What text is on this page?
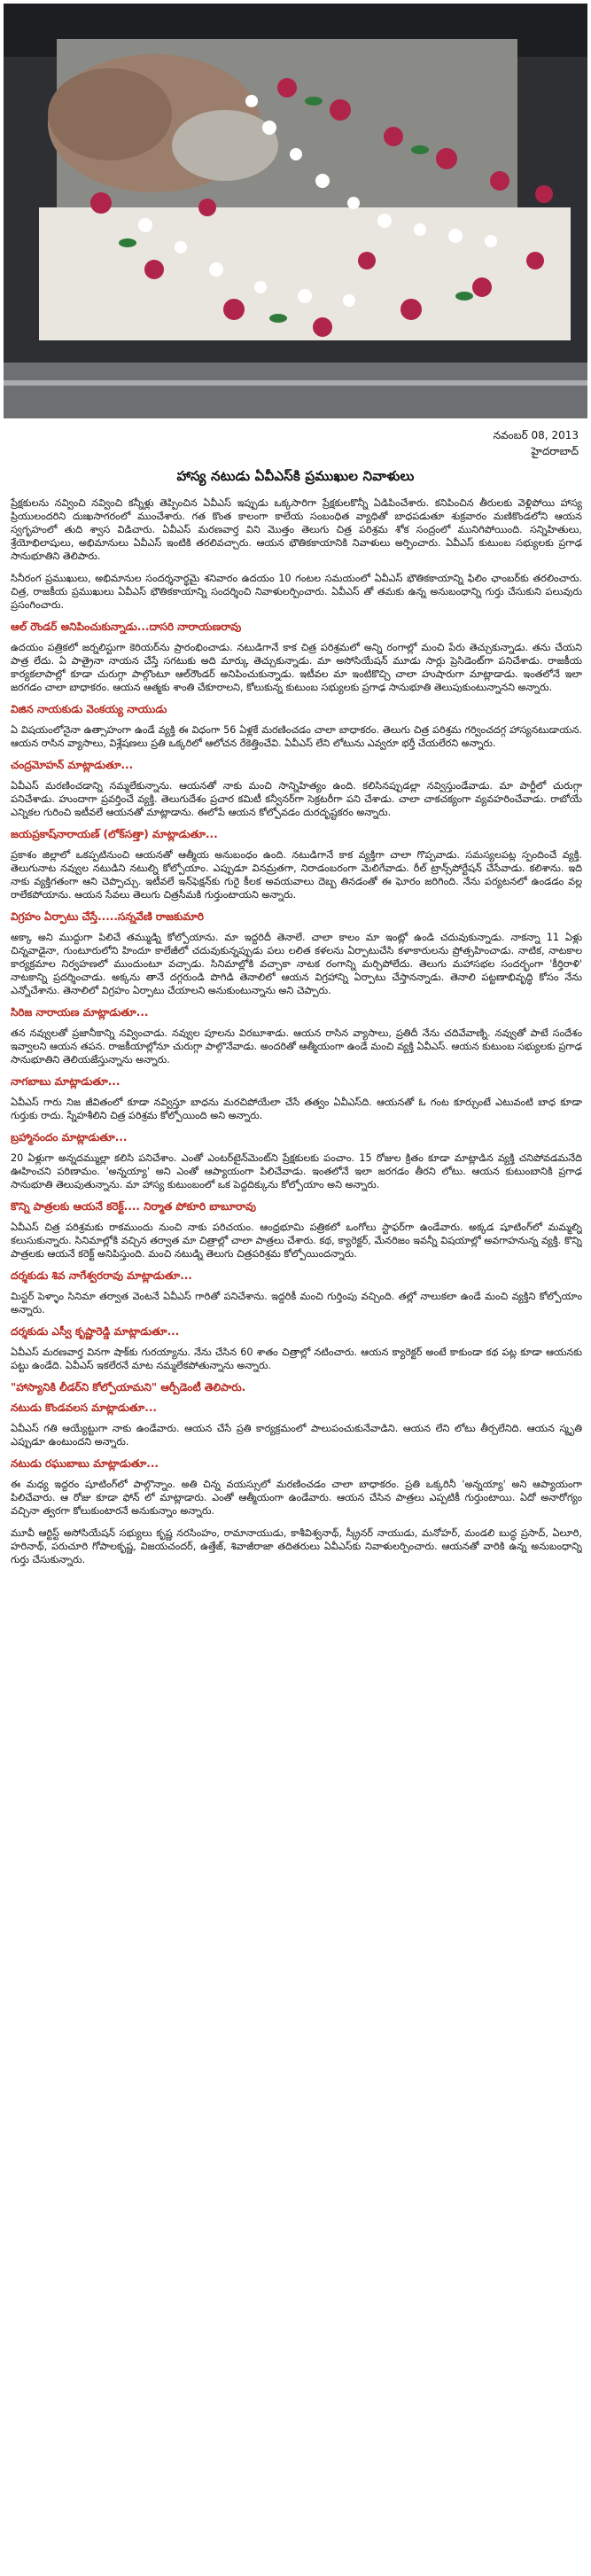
నవంబర్ 08, 2013
హైదరాబాద్
హాస్య నటుడు ఏవీఎస్‌కి ప్రముఖుల నివాళులు

ప్రేక్షకులను నవ్వించి నవ్వించి కన్నీళ్లు తెప్పించిన ఏవీఎస్ ఇప్పుడు ఒక్కసారిగా ప్రేక్షకులకొన్నీ ఏడిపించేశారు. కనిపించిన తీరులకు వెళ్లిపోయి హాస్య ప్రియులందరిని దుఃఖసాగరంలో ముంచేశారు. గత కొంత కాలంగా కాలేయ సంబంధిత వ్యాధితో బాధపడుతూ శుక్రవారం మణికొండలోని ఆయన స్వగృహంలో తుది శ్వాస విడిచారు. ఏవీఎస్ మరణవార్త విని మొత్తం తెలుగు చిత్ర పరిశ్రమ శోక సంద్రంలో మునిగిపోయింది. సన్నిహితులు, శ్రేయోభిలాషులు, అభిమానులు ఏవీఎస్ ఇంటికి తరలివచ్చారు. ఆయన భౌతికకాయానికి నివాళులు అర్పించారు. ఏవీఎస్ కుటుంబ సభ్యులకు ప్రగాఢ సానుభూతిని తెలిపారు.

సినీరంగ ప్రముఖులు, అభిమానుల సందర్శనార్థమై శనివారం ఉదయం 10 గంటల సమయంలో ఏవీఎస్ భౌతికకాయాన్ని ఫిలిం ఛాంబర్‌కు తరలించారు. చిత్ర, రాజకీయ ప్రముఖులు ఏవీఎస్ భౌతికకాయాన్ని సందర్శించి నివాళులర్పించారు. ఏవీఎస్ తో తమకు ఉన్న అనుబంధాన్ని గుర్తు చేసుకుని పలువురు ప్రసంగించారు.

ఆల్ రౌండర్ అనిపించుకున్నాడు...దాసరి నారాయణరావు

ఉదయం పత్రికలో జర్నలిస్టుగా కెరియర్‌ను ప్రారంభించాడు. నటుడిగానే కాక చిత్ర పరిశ్రమలో అన్ని రంగాల్లో మంచి పేరు తెచ్చుకున్నాడు. తను చేయని పాత్ర లేదు. ఏ పాత్రైనా నాయన చేస్తే సగటుకు అది మార్కు తెచ్చుకున్నాడు. మా అసోసియేషన్ మూడు సార్లు ప్రెసిడెంట్‌గా పనిచేశాడు. రాజకీయ కార్యకలాపాల్లో కూడా చురుగ్గా పాల్గొంటూ ఆల్‌రౌండర్ అనిపించుకున్నాడు. ఇటీవల మా ఇంటికొచ్చి చాలా హుషారుగా మాట్లాడాడు. ఇంతలోనే ఇలా జరగడం చాలా బాధాకరం. ఆయన ఆత్మకు శాంతి చేకూరాలని, కోలుకున్న కుటుంబ సభ్యులకు ప్రగాఢ సానుభూతి తెలుపుకుంటున్నానని అన్నారు.

విజిన నాయకుడు వెంకయ్య నాయుడు

ఏ విషయంలోనైనా ఉత్సాహంగా ఉండే వ్యక్తి ఈ విధంగా 56 ఏళ్లకే మరణించడం చాలా బాధాకరం. తెలుగు చిత్ర పరిశ్రమ గర్వించదగ్గ హాస్యనటుడాయన. ఆయన రాసిన వ్యాసాలు, విశ్లేషణలు ప్రతి ఒక్కరిలో ఆలోచన రేకెత్తించేవి. ఏవీఎస్ లేని లోటును ఎవ్వరూ భర్తీ చేయలేరని అన్నారు.

చంద్రమోహన్ మాట్లాడుతూ...

ఏవీఎస్ మరణించడాన్ని నమ్మలేకున్నాను. ఆయనతో నాకు మంచి సాన్నిహిత్యం ఉంది. కలిసినప్పుడల్లా నవ్విస్తుండేవాడు. మా పార్టీలో చురుగ్గా పనిచేశాడు. హుందాగా ప్రవర్తించే వ్యక్తి. తెలుగుదేశం ప్రచార కమిటీ కన్వీనర్‌గా సెక్రటరీగా పని చేశాడు. చాలా చాకచక్యంగా వ్యవహరించేవాడు. రాబోయే ఎన్నికల గురించి ఇటీవలే ఆయనతో మాట్లాడాను. ఈలోపే ఆయన కోల్పోవడం దురదృష్టకరం అన్నారు.

జయప్రకాష్‌నారాయణ్ (లోక్‌సత్తా) మాట్లాడుతూ...

ప్రకాశం జిల్లాలో ఒకప్పటినుంచి ఆయనతో ఆత్మీయ అనుబంధం ఉంది. నటుడిగానే కాక వ్యక్తిగా చాలా గొప్పవాడు. సమస్యలపట్ల స్పందించే వ్యక్తి. తెలుగునాట నవ్వుల నటుడిని నటుల్ని కోల్పోయాం. ఎప్పుడూ వినమ్రతగా, నిరాడంబరంగా మెలిగేవాడు. రీల్ ట్రాన్స్‌పోర్టేషన్ చేసేవాడు. కలిశాను. ఇది నాకు వ్యక్తిగతంగా ఆని చెప్పొచ్చు. ఇటీవలే ఇన్‌ఫెక్షన్‌కు గురై కీలక అవయవాలు దెబ్బ తినడంతో ఈ ఘోరం జరిగింది. నేను పర్యటనలో ఉండడం వల్ల రాలేకపోయాను. ఆయన సేవలు తెలుగు చిత్రసీమకి గుర్తుంటాయని అన్నారు.

విగ్రహం ఏర్పాటు చేస్తే.....సన్నవేణి రాజకుమారి

అక్కా అని ముద్దుగా పిలిచే తమ్ముడ్ని కోల్పోయాను. మా ఇద్దరిదీ తెనాలే. చాలా కాలం మా ఇంట్లో ఉండి చదువుకున్నాడు. నాకన్నా 11 ఏళ్లు చిన్నవాడైనా, గుంటూరులోని హిందూ కాలేజీలో చదువుకున్నప్పుడు పలు లలిత కళలను ఏర్పాటుచేసి కళాకారులను ప్రోత్సహించాడు. నాటిక, నాటకాల కార్యక్రమాల నిర్వహణలో ముందుంటూ వచ్చాడు. సినిమాల్లోకి వచ్చాకా నాటక రంగాన్ని మర్చిపోలేదు. తెలుగు మహాసభల సందర్భంగా 'కీర్తిరాళి' నాటకాన్ని ప్రదర్శించాడు. అక్కను తానే దగ్గరుండి పొగిడి తెనాలిలో ఆయన విగ్రహాన్ని ఏర్పాటు చేస్తానన్నాడు. తెనాలి పట్టణాభివృద్ధి కోసం నేను ఎన్నోచేశాను. తెనాలిలో విగ్రహం ఏర్పాటు చేయాలని అనుకుంటున్నాను అని చెప్పారు.

సిరిజ నారాయణ మాట్లాడుతూ...

తన నవ్వులతో ప్రజానీకాన్ని నవ్వించాడు. నవ్వుల పూలను విరబూశాడు. ఆయన రాసిన వ్యాసాలు, ప్రతిదీ నేను చదివేవాణ్ని. నవ్వుతో పాటే సందేశం ఇవ్వాలని ఆయన తపన. రాజకీయాల్లోనూ చురుగ్గా పాల్గొనేవాడు. అందరితో ఆత్మీయంగా ఉండే మంచి వ్యక్తి ఏవీఎస్. ఆయన కుటుంబ సభ్యులకు ప్రగాఢ సానుభూతిని తెలియజేస్తున్నాను అన్నారు.

నాగబాబు మాట్లాడుతూ...

ఏవీఎస్ గారు నిజ జీవితంలో కూడా నవ్విస్తూ బాధను మరచిపోయేలా చేసే తత్వం ఏవీఎస్‌ది. ఆయనతో ఓ గంట కూర్చుంటే ఎటువంటి బాధ కూడా గుర్తుకు రాదు. స్నేహశీలిని చిత్ర పరిశ్రమ కోల్పోయింది అని అన్నారు.

బ్రహ్మానందం మాట్లాడుతూ...

20 ఏళ్లుగా అన్నదమ్ముల్లా కలిసి పనిచేశాం. ఎంతో ఎంటర్‌టైన్‌మెంట్‌ని ప్రేక్షకులకు పంచాం. 15 రోజుల క్రితం కూడా మాట్లాడిన వ్యక్తి చనిపోవడమనేది ఊహించని పరిణామం. 'అన్నయ్యా' అని ఎంతో ఆప్యాయంగా పిలిచేవాడు. ఇంతలోనే ఇలా జరగడం తీరని లోటు. ఆయన కుటుంబానికి ప్రగాఢ సానుభూతి తెలుపుతున్నాను. మా హాస్య కుటుంబంలో ఒక పెద్దదిక్కును కోల్పోయాం అని అన్నారు.

కొన్ని పాత్రలకు ఆయనే కరెక్ట్.... నిర్మాత పోకూరి బాబూరావు

ఏవీఎస్ చిత్ర పరిశ్రమకు రాకముందు నుంచి నాకు పరిచయం. ఆంధ్రభూమి పత్రికలో ఒంగోలు స్టాఫర్‌గా ఉండేవారు. అక్కడ షూటింగ్‌లో మమ్మల్ని కలుసుకున్నారు. సినిమాల్లోకి వచ్చిన తర్వాత మా చిత్రాల్లో చాలా పాత్రలు చేశారు. కథ, క్యారెక్టర్, మేనరిజం ఇవన్నీ విషయాల్లో అవగాహనున్న వ్యక్తి. కొన్ని పాత్రలకు ఆయనే కరెక్ట్ అనిపిస్తుంది. మంచి నటుడ్ని తెలుగు చిత్రపరిశ్రమ కోల్పోయిందన్నారు.

దర్శకుడు శివ నాగేశ్వరరావు మాట్లాడుతూ...

మిస్టర్ పెళ్ళాం సినిమా తర్వాత వెంటనే ఏవీఎస్ గారితో పనిచేశాను. ఇద్దరికీ మంచి గుర్తింపు వచ్చింది. తల్లో నాలుకలా ఉండే మంచి వ్యక్తిని కోల్పోయాం అన్నారు.

దర్శకుడు ఎస్వీ కృష్ణారెడ్డి మాట్లాడుతూ...

ఏవీఎస్ మరణవార్త వినగా షాక్‌కు గురయ్యాను. నేను చేసిన 60 శాతం చిత్రాల్లో నటించారు. ఆయన క్యారెక్టర్ అంటే కాకుండా కథ పట్ల కూడా ఆయనకు పట్టు ఉండేది. ఏవీఎస్ ఇకలేరనే మాట నమ్మలేకపోతున్నాను అన్నారు.

"హాస్యానికి లీడర్‌ని కోల్పోయామని" ఆర్పీడెంటీ తెలిపారు.
నటుడు కొండవలస మాట్లాడుతూ...

ఏవీఎస్ గతి ఆయ్యేట్టుగా నాకు ఉండేవారు. ఆయన చేసే ప్రతి కార్యక్రమంలో పాలుపంచుకునేవాడిని. ఆయన లేని లోటు తీర్చలేనిది. ఆయన స్మృతి ఎప్పుడూ ఉంటుందని అన్నారు.

నటుడు రఘుబాబు మాట్లాడుతూ...

ఈ మధ్య ఇద్దరం షూటింగ్‌లో పాల్గొన్నాం. అతి చిన్న వయస్సులో మరణించడం చాలా బాధాకరం. ప్రతి ఒక్కరినీ 'అన్నయ్యా' అని ఆప్యాయంగా పిలిచేవారు. ఆ రోజు కూడా ఫోన్ లో మాట్లాడారు. ఎంతో ఆత్మీయంగా ఉండేవారు. ఆయన చేసిన పాత్రలు ఎప్పటికీ గుర్తుంటాయి. ఏదో అనారోగ్యం వచ్చినా త్వరగా కోలుకుంటారనే అనుకున్నాం అన్నారు.

మూవీ ఆర్టిస్ట్ అసోసియేషన్ సభ్యులు కృష్ణ నరసింహం, రామానాయుడు, కాశీవిశ్వనాథ్, స్క్రీనర్ నాయుడు, మనోహర్, మండలి బుద్ధ ప్రసాద్, ఏలూరి, హరినాథ్, పరుచూరి గోపాలకృష్ణ, విజయచందర్, ఉత్తేజ్, శివాజీరాజా తదితరులు ఏవీఎస్‌కు నివాళులర్పించారు. ఆయనతో వారికి ఉన్న అనుబంధాన్ని గుర్తు చేసుకున్నారు.
